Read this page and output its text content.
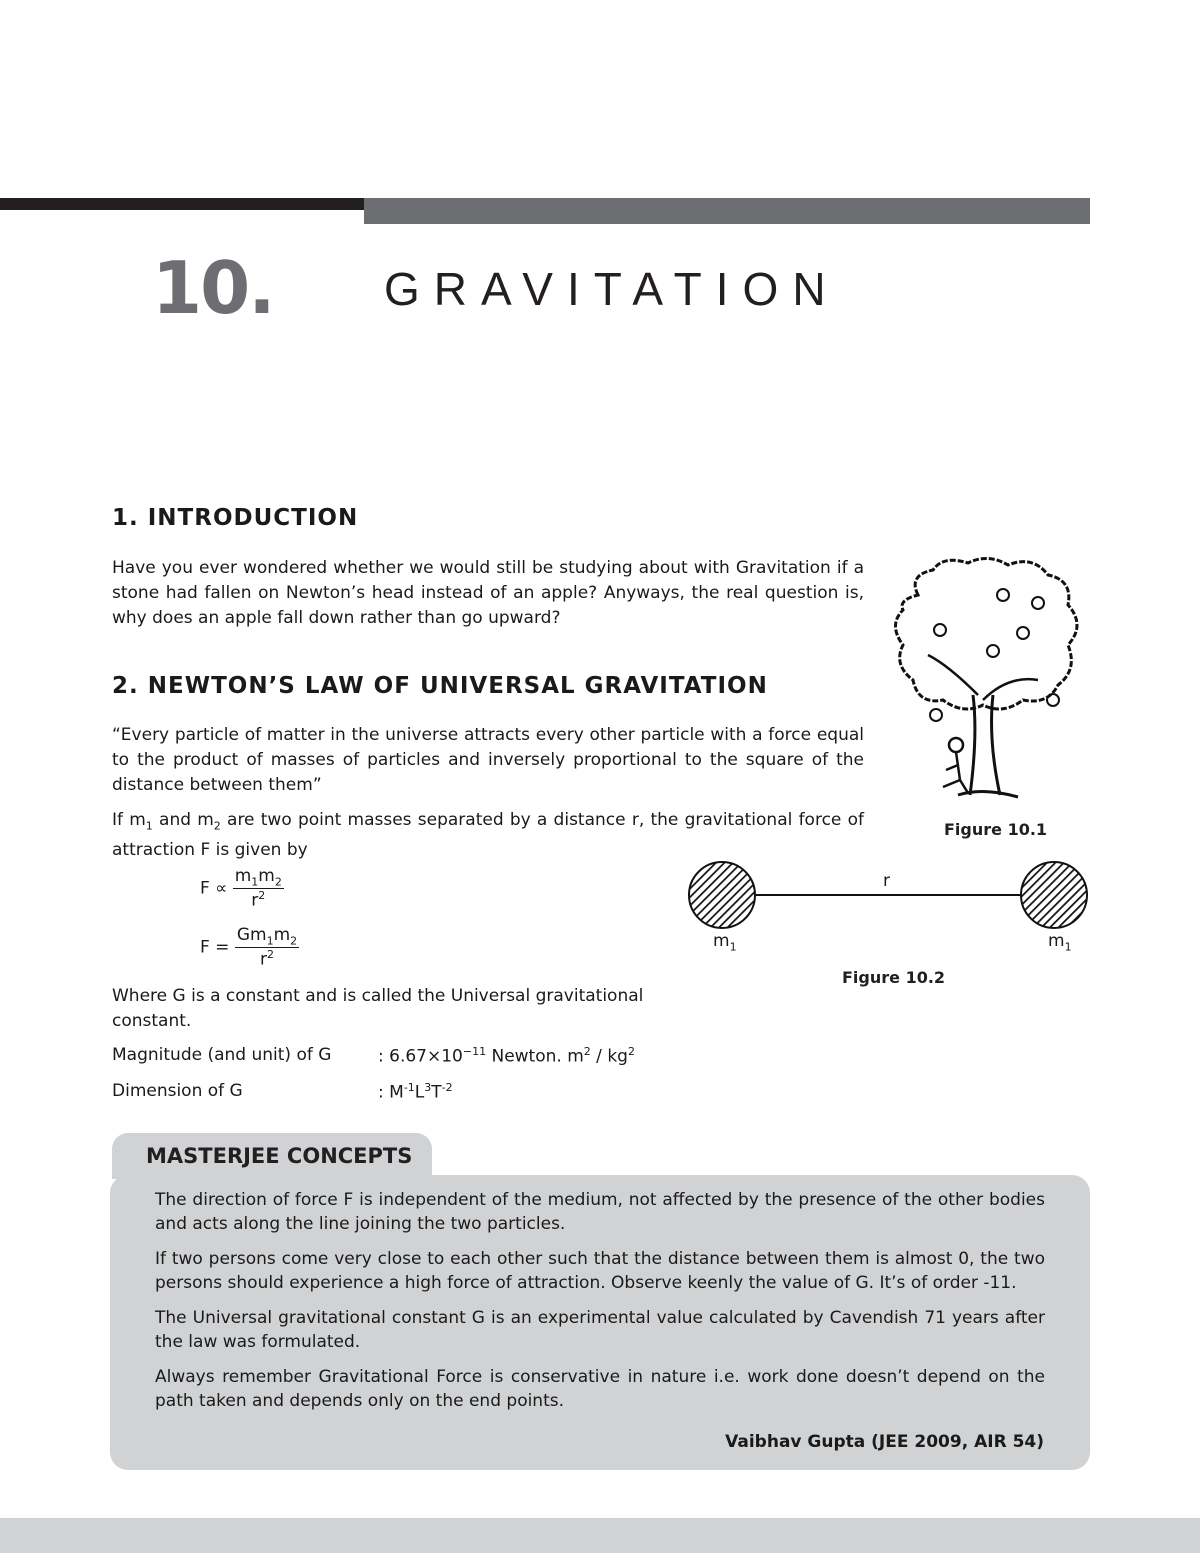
10. GRAVITATION
1. INTRODUCTION
Have you ever wondered whether we would still be studying about with Gravitation if a stone had fallen on Newton’s head instead of an apple? Anyways, the real question is, why does an apple fall down rather than go upward?
2. NEWTON’S LAW OF UNIVERSAL GRAVITATION
“Every particle of matter in the universe attracts every other particle with a force equal to the product of masses of particles and inversely proportional to the square of the distance between them”
If $m_1$ and $m_2$ are two point masses separated by a distance r, the gravitational force of attraction F is given by
$F \propto \frac{m_1m_2}{r^2}$
$F = \frac{Gm_1m_2}{r^2}$
Where G is a constant and is called the Universal gravitational constant.
Magnitude (and unit) of G	: $6.67\times 10^{-11}$ Newton. $m^2 / kg^2$
Dimension of G	: $M^{-1}L^3T^{-2}$
Figure 10.1
r
$m_1$	$m_1$
Figure 10.2
MASTERJEE CONCEPTS

The direction of force F is independent of the medium, not affected by the presence of the other bodies and acts along the line joining the two particles.

If two persons come very close to each other such that the distance between them is almost 0, the two persons should experience a high force of attraction. Observe keenly the value of G. It’s of order -11.

The Universal gravitational constant G is an experimental value calculated by Cavendish 71 years after the law was formulated.

Always remember Gravitational Force is conservative in nature i.e. work done doesn’t depend on the path taken and depends only on the end points.

Vaibhav Gupta (JEE 2009, AIR 54)
